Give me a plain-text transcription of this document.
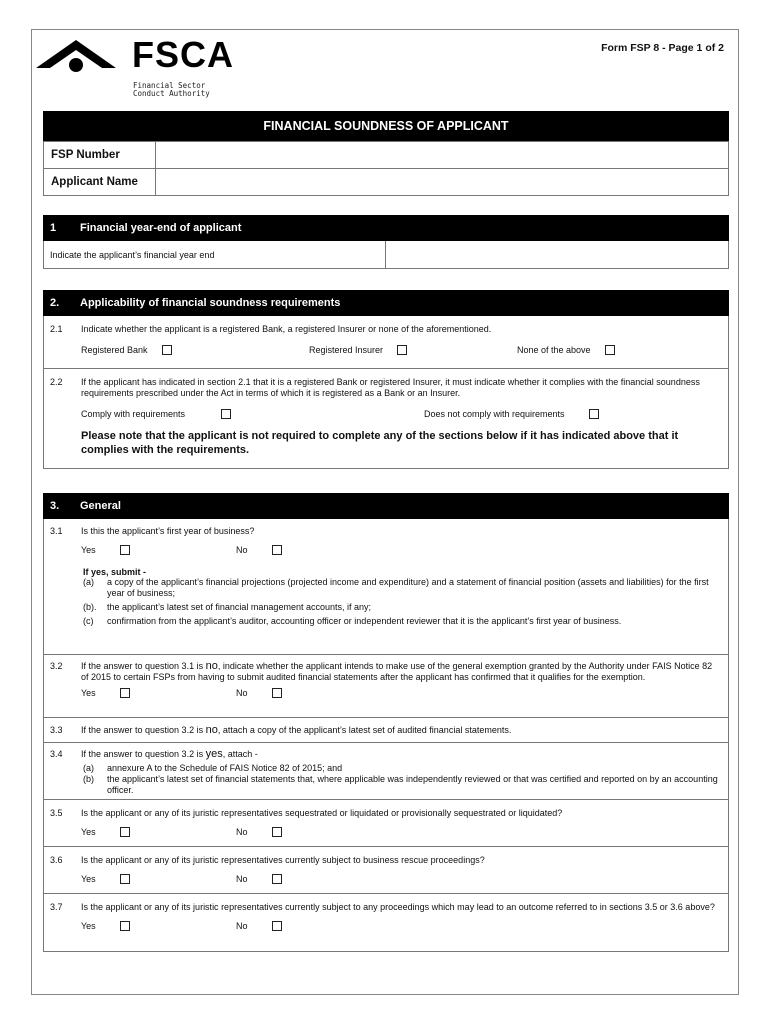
FSCA
Financial Sector
Conduct Authority
Form FSP 8 - Page 1 of 2
FINANCIAL SOUNDNESS OF APPLICANT
FSP Number	
Applicant Name	
1	Financial year-end of applicant
Indicate the applicant’s financial year end
2.	Applicability of financial soundness requirements
2.1	Indicate whether the applicant is a registered Bank, a registered Insurer or none of the aforementioned.
Registered Bank	Registered Insurer	None of the above
2.2	If the applicant has indicated in section 2.1 that it is a registered Bank or registered Insurer, it must indicate whether it complies with the financial soundness requirements prescribed under the Act in terms of which it is registered as a Bank or an Insurer.
Comply with requirements	Does not comply with requirements
Please note that the applicant is not required to complete any of the sections below if it has indicated above that it complies with the requirements.
3.	General
3.1	Is this the applicant’s first year of business?
Yes	No
If yes, submit -
(a)	a copy of the applicant’s financial projections (projected income and expenditure) and a statement of financial position (assets and liabilities) for the first year of business;
(b).	the applicant’s latest set of financial management accounts, if any;
(c)	confirmation from the applicant’s auditor, accounting officer or independent reviewer that it is the applicant’s first year of business.
3.2	If the answer to question 3.1 is no, indicate whether the applicant intends to make use of the general exemption granted by the Authority under FAIS Notice 82 of 2015 to certain FSPs from having to submit audited financial statements after the applicant has confirmed that it qualifies for the exemption.
Yes	No
3.3	If the answer to question 3.2 is no, attach a copy of the applicant’s latest set of audited financial statements.
3.4	If the answer to question 3.2 is yes, attach -
(a)	annexure A to the Schedule of FAIS Notice 82 of 2015; and
(b)	the applicant’s latest set of financial statements that, where applicable was independently reviewed or that was certified and reported on by an accounting officer.
3.5	Is the applicant or any of its juristic representatives sequestrated or liquidated or provisionally sequestrated or liquidated?
Yes	No
3.6	Is the applicant or any of its juristic representatives currently subject to business rescue proceedings?
Yes	No
3.7	Is the applicant or any of its juristic representatives currently subject to any proceedings which may lead to an outcome referred to in sections 3.5 or 3.6 above?
Yes	No
